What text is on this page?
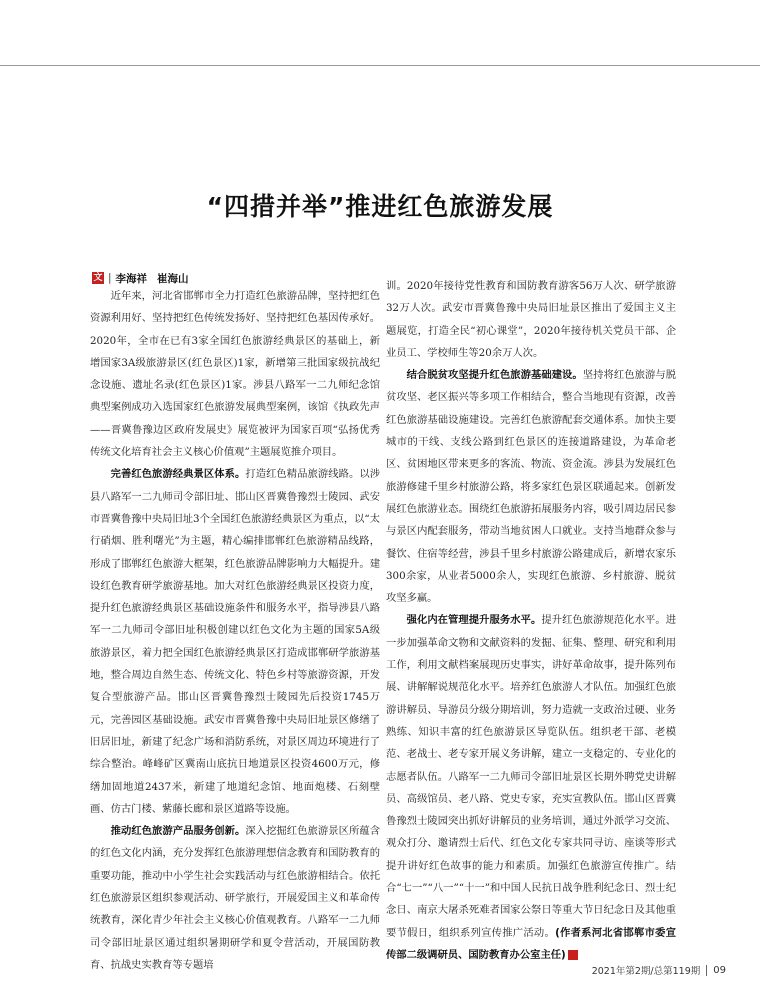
“四措并举”推进红色旅游发展
文 | 李海祥 崔海山

近年来，河北省邯郸市全力打造红色旅游品牌，坚持把红色资源利用好、坚持把红色传统发扬好、坚持把红色基因传承好。2020年，全市在已有3家全国红色旅游经典景区的基础上，新增国家3A级旅游景区(红色景区)1家，新增第三批国家级抗战纪念设施、遗址名录(红色景区)1家。涉县八路军一二九师纪念馆典型案例成功入选国家红色旅游发展典型案例，该馆《执政先声——晋冀鲁豫边区政府发展史》展览被评为国家百项“弘扬优秀传统文化培育社会主义核心价值观”主题展览推介项目。

完善红色旅游经典景区体系。打造红色精品旅游线路。以涉县八路军一二九师司令部旧址、邯山区晋冀鲁豫烈士陵园、武安市晋冀鲁豫中央局旧址3个全国红色旅游经典景区为重点，以“太行硝烟、胜利曙光”为主题，精心编排邯郸红色旅游精品线路，形成了邯郸红色旅游大框架，红色旅游品牌影响力大幅提升。建设红色教育研学旅游基地。加大对红色旅游经典景区投资力度，提升红色旅游经典景区基础设施条件和服务水平，指导涉县八路军一二九师司令部旧址积极创建以红色文化为主题的国家5A级旅游景区，着力把全国红色旅游经典景区打造成邯郸研学旅游基地，整合周边自然生态、传统文化、特色乡村等旅游资源，开发复合型旅游产品。邯山区晋冀鲁豫烈士陵园先后投资1745万元，完善园区基础设施。武安市晋冀鲁豫中央局旧址景区修缮了旧居旧址，新建了纪念广场和消防系统，对景区周边环境进行了综合整治。峰峰矿区冀南山底抗日地道景区投资4600万元，修缮加固地道2437米，新建了地道纪念馆、地面炮楼、石刻壁画、仿古门楼、紫藤长廊和景区道路等设施。

推动红色旅游产品服务创新。深入挖掘红色旅游景区所蕴含的红色文化内涵，充分发挥红色旅游理想信念教育和国防教育的重要功能，推动中小学生社会实践活动与红色旅游相结合。依托红色旅游景区组织参观活动、研学旅行，开展爱国主义和革命传统教育，深化青少年社会主义核心价值观教育。八路军一二九师司令部旧址景区通过组织暑期研学和夏令营活动，开展国防教育、抗战史实教育等专题培

训。2020年接待党性教育和国防教育游客56万人次、研学旅游32万人次。武安市晋冀鲁豫中央局旧址景区推出了爱国主义主题展览，打造全民“初心课堂”，2020年接待机关党员干部、企业员工、学校师生等20余万人次。

结合脱贫攻坚提升红色旅游基础建设。坚持将红色旅游与脱贫攻坚、老区振兴等多项工作相结合，整合当地现有资源，改善红色旅游基础设施建设。完善红色旅游配套交通体系。加快主要城市的干线、支线公路到红色景区的连接道路建设，为革命老区、贫困地区带来更多的客流、物流、资金流。涉县为发展红色旅游修建千里乡村旅游公路，将多家红色景区联通起来。创新发展红色旅游业态。围绕红色旅游拓展服务内容，吸引周边居民参与景区内配套服务，带动当地贫困人口就业。支持当地群众参与餐饮、住宿等经营，涉县千里乡村旅游公路建成后，新增农家乐300余家，从业者5000余人，实现红色旅游、乡村旅游、脱贫攻坚多赢。

强化内在管理提升服务水平。提升红色旅游规范化水平。进一步加强革命文物和文献资料的发掘、征集、整理、研究和利用工作，利用文献档案展现历史事实，讲好革命故事，提升陈列布展、讲解解说规范化水平。培养红色旅游人才队伍。加强红色旅游讲解员、导游员分级分期培训，努力造就一支政治过硬、业务熟练、知识丰富的红色旅游景区导览队伍。组织老干部、老模范、老战士、老专家开展义务讲解，建立一支稳定的、专业化的志愿者队伍。八路军一二九师司令部旧址景区长期外聘党史讲解员、高级馆员、老八路、党史专家，充实宣教队伍。邯山区晋冀鲁豫烈士陵园突出抓好讲解员的业务培训，通过外派学习交流、观众打分、邀请烈士后代、红色文化专家共同寻访、座谈等形式提升讲好红色故事的能力和素质。加强红色旅游宣传推广。结合“七一”“八一”“十一”和中国人民抗日战争胜利纪念日、烈士纪念日、南京大屠杀死难者国家公祭日等重大节日纪念日及其他重要节假日，组织系列宣传推广活动。(作者系河北省邯郸市委宣传部二级调研员、国防教育办公室主任)	G

2021年第2期/总第119期 09
